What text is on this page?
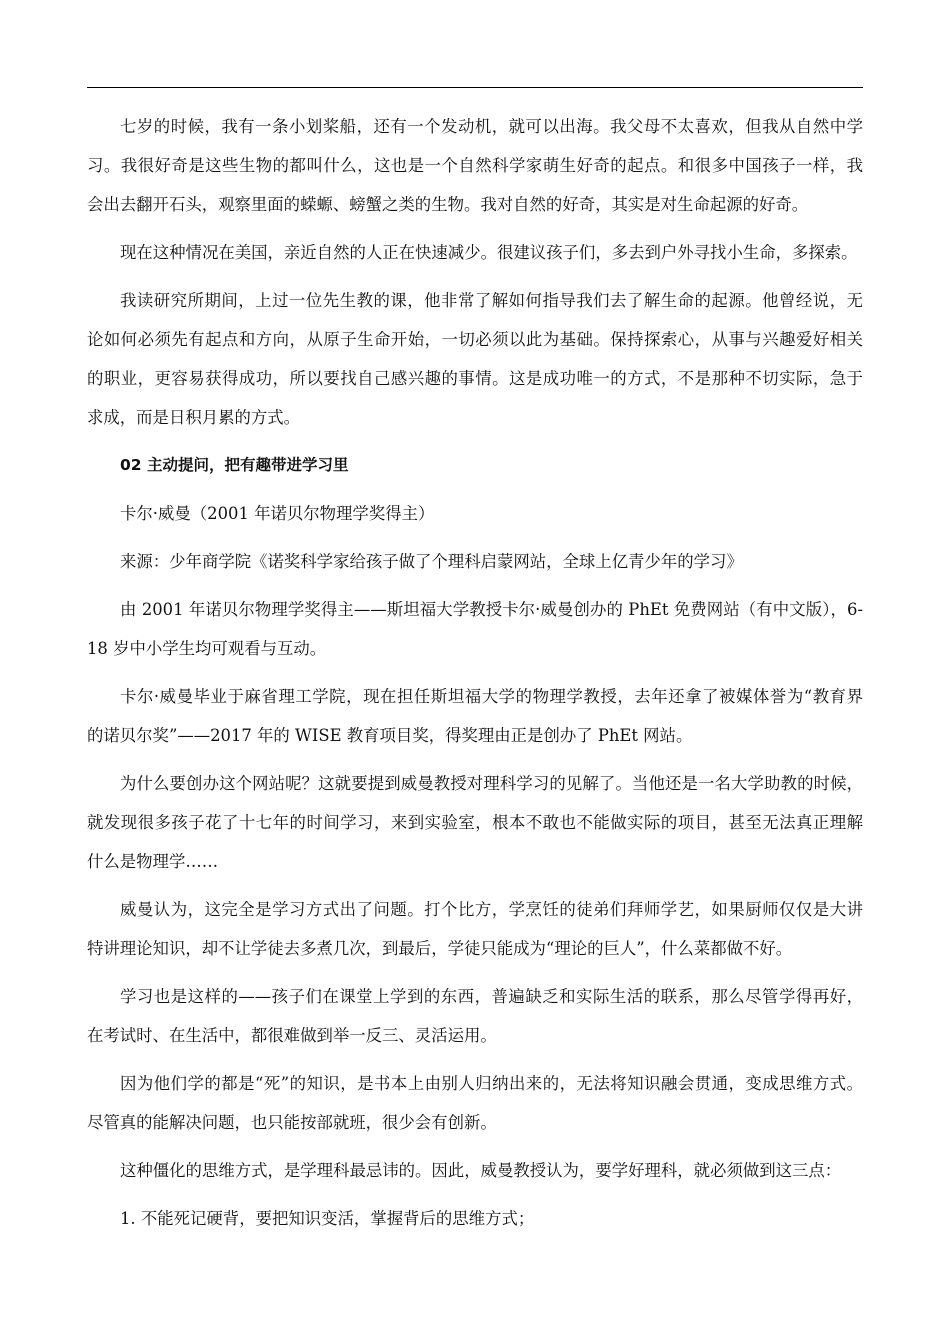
七岁的时候，我有一条小划桨船，还有一个发动机，就可以出海。我父母不太喜欢，但我从自然中学
习。我很好奇是这些生物的都叫什么，这也是一个自然科学家萌生好奇的起点。和很多中国孩子一样，我
会出去翻开石头，观察里面的蝾螈、螃蟹之类的生物。我对自然的好奇，其实是对生命起源的好奇。
现在这种情况在美国，亲近自然的人正在快速减少。很建议孩子们，多去到户外寻找小生命，多探索。
我读研究所期间，上过一位先生教的课，他非常了解如何指导我们去了解生命的起源。他曾经说，无
论如何必须先有起点和方向，从原子生命开始，一切必须以此为基础。保持探索心，从事与兴趣爱好相关
的职业，更容易获得成功，所以要找自己感兴趣的事情。这是成功唯一的方式，不是那种不切实际，急于
求成，而是日积月累的方式。
02 主动提问，把有趣带进学习里
卡尔·威曼（2001 年诺贝尔物理学奖得主）
来源：少年商学院《诺奖科学家给孩子做了个理科启蒙网站，全球上亿青少年的学习》
由 2001 年诺贝尔物理学奖得主——斯坦福大学教授卡尔·威曼创办的 PhEt 免费网站（有中文版），6-
18 岁中小学生均可观看与互动。
卡尔·威曼毕业于麻省理工学院，现在担任斯坦福大学的物理学教授，去年还拿了被媒体誉为“教育界
的诺贝尔奖”——2017 年的 WISE 教育项目奖，得奖理由正是创办了 PhEt 网站。
为什么要创办这个网站呢？这就要提到威曼教授对理科学习的见解了。当他还是一名大学助教的时候，
就发现很多孩子花了十七年的时间学习，来到实验室，根本不敢也不能做实际的项目，甚至无法真正理解
什么是物理学……
威曼认为，这完全是学习方式出了问题。打个比方，学烹饪的徒弟们拜师学艺，如果厨师仅仅是大讲
特讲理论知识，却不让学徒去多煮几次，到最后，学徒只能成为“理论的巨人”，什么菜都做不好。
学习也是这样的——孩子们在课堂上学到的东西，普遍缺乏和实际生活的联系，那么尽管学得再好，
在考试时、在生活中，都很难做到举一反三、灵活运用。
因为他们学的都是“死”的知识，是书本上由别人归纳出来的，无法将知识融会贯通，变成思维方式。
尽管真的能解决问题，也只能按部就班，很少会有创新。
这种僵化的思维方式，是学理科最忌讳的。因此，威曼教授认为，要学好理科，就必须做到这三点：
1. 不能死记硬背，要把知识变活，掌握背后的思维方式；
